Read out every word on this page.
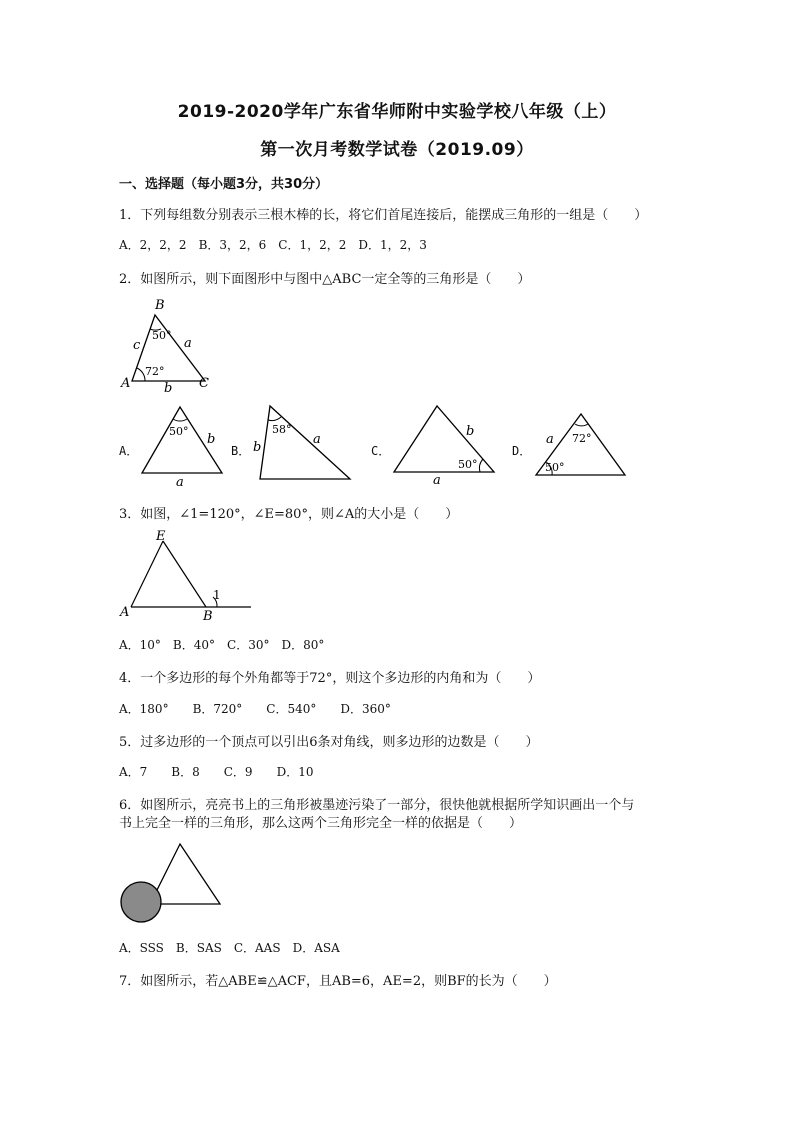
2019-2020学年广东省华师附中实验学校八年级（上）
第一次月考数学试卷（2019.09）
一、选择题（每小题3分，共30分）
1．下列每组数分别表示三根木棒的长，将它们首尾连接后，能摆成三角形的一组是（　　）
A．2，2，2　B．3，2，6　C．1，2，2　D．1，2，3
2．如图所示，则下面图形中与图中△ABC一定全等的三角形是（　　）
B
A	C
c	a
b
50°
72°
A．
50°
b
a
B．
58°
b
a
C．
50°
b
a
D．
72°
50°
a
3．如图，∠1=120°，∠E=80°，则∠A的大小是（　　）
E
A	B
1
A．10°　B．40°　C．30°　D．80°
4．一个多边形的每个外角都等于72°，则这个多边形的内角和为（　　）
A．180°　　B．720°　　C．540°　　D．360°
5．过多边形的一个顶点可以引出6条对角线，则多边形的边数是（　　）
A．7　　B．8　　C．9　　D．10
6．如图所示，亮亮书上的三角形被墨迹污染了一部分，很快他就根据所学知识画出一个与
书上完全一样的三角形，那么这两个三角形完全一样的依据是（　　）
A．SSS　B．SAS　C．AAS　D．ASA
7．如图所示，若△ABE≌△ACF，且AB=6，AE=2，则BF的长为（　　）
